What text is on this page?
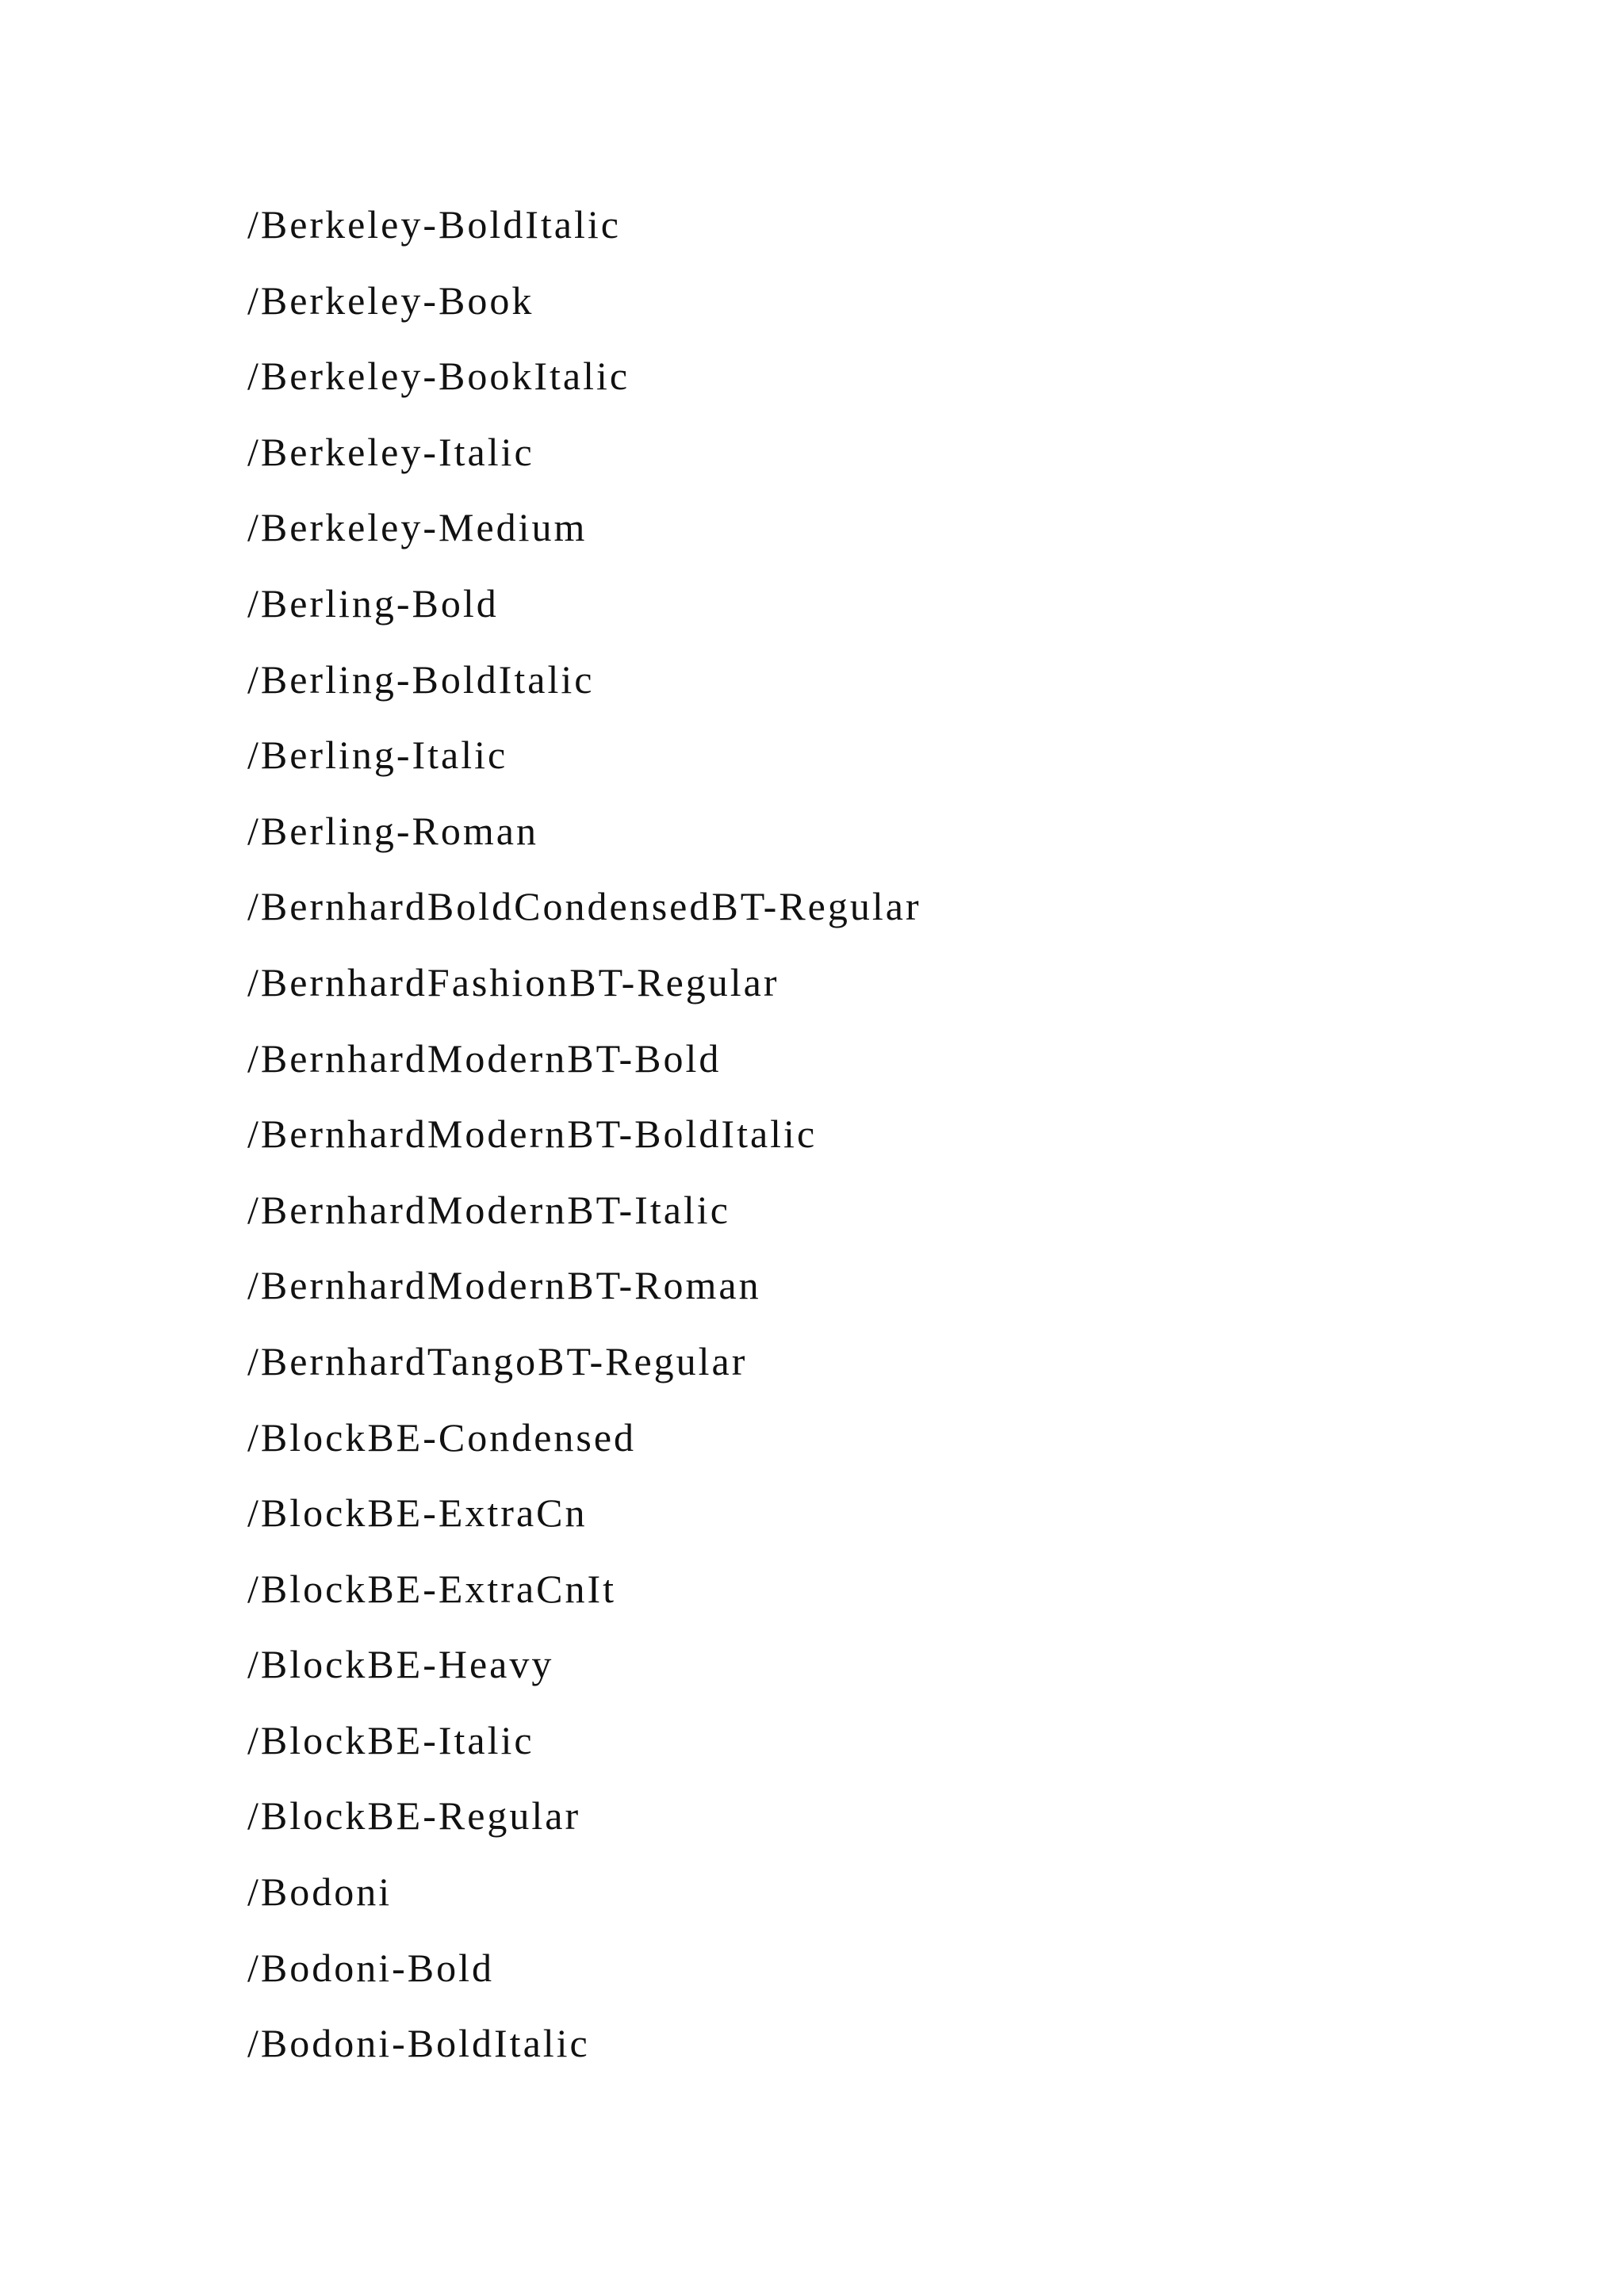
/Berkeley-BoldItalic
/Berkeley-Book
/Berkeley-BookItalic
/Berkeley-Italic
/Berkeley-Medium
/Berling-Bold
/Berling-BoldItalic
/Berling-Italic
/Berling-Roman
/BernhardBoldCondensedBT-Regular
/BernhardFashionBT-Regular
/BernhardModernBT-Bold
/BernhardModernBT-BoldItalic
/BernhardModernBT-Italic
/BernhardModernBT-Roman
/BernhardTangoBT-Regular
/BlockBE-Condensed
/BlockBE-ExtraCn
/BlockBE-ExtraCnIt
/BlockBE-Heavy
/BlockBE-Italic
/BlockBE-Regular
/Bodoni
/Bodoni-Bold
/Bodoni-BoldItalic
